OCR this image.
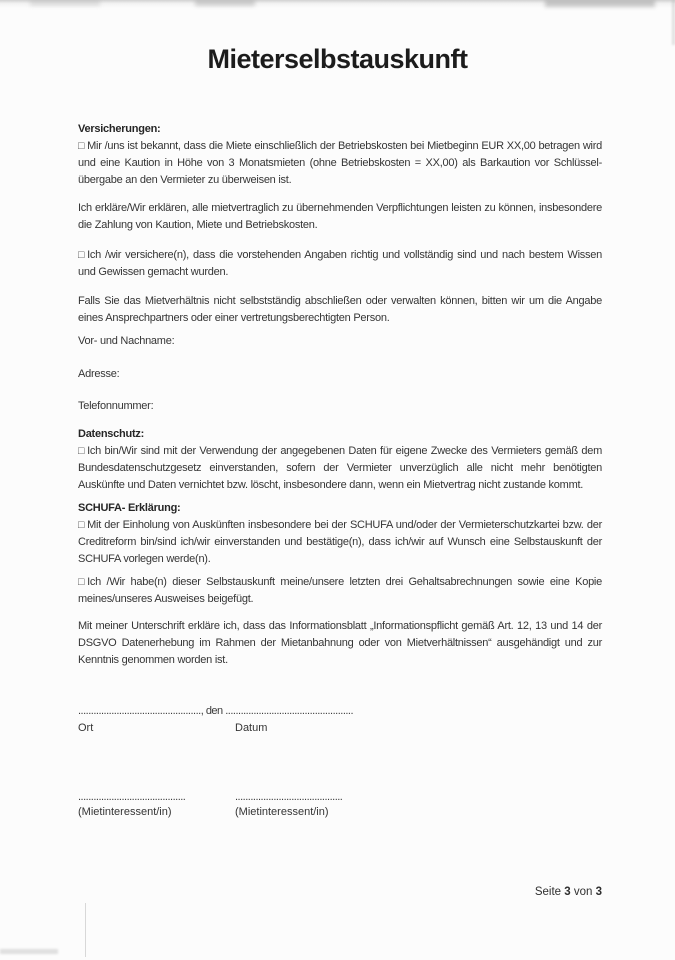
Mieterselbstauskunft
Versicherungen:

□ Mir /uns ist bekannt, dass die Miete einschließlich der Betriebskosten bei Mietbeginn EUR XX,00 betragen wird und eine Kaution in Höhe von 3 Monatsmieten (ohne Betriebskosten = XX,00) als Barkaution vor Schlüssel-übergabe an den Vermieter zu überweisen ist.

Ich erkläre/Wir erklären, alle mietvertraglich zu übernehmenden Verpflichtungen leisten zu können, insbesondere die Zahlung von Kaution, Miete und Betriebskosten.

□ Ich /wir versichere(n), dass die vorstehenden Angaben richtig und vollständig sind und nach bestem Wissen und Gewissen gemacht wurden.

Falls Sie das Mietverhältnis nicht selbstständig abschließen oder verwalten können, bitten wir um die Angabe eines Ansprechpartners oder einer vertretungsberechtigten Person.

Vor- und Nachname:
Adresse:
Telefonnummer:
Datenschutz:

□ Ich bin/Wir sind mit der Verwendung der angegebenen Daten für eigene Zwecke des Vermieters gemäß dem Bundesdatenschutzgesetz einverstanden, sofern der Vermieter unverzüglich alle nicht mehr benötigten Auskünfte und Daten vernichtet bzw. löscht, insbesondere dann, wenn ein Mietvertrag nicht zustande kommt.

SCHUFA- Erklärung:

□ Mit der Einholung von Auskünften insbesondere bei der SCHUFA und/oder der Vermieterschutzkartei bzw. der Creditreform bin/sind ich/wir einverstanden und bestätige(n), dass ich/wir auf Wunsch eine Selbstauskunft der SCHUFA vorlegen werde(n).

□ Ich /Wir habe(n) dieser Selbstauskunft meine/unsere letzten drei Gehaltsabrechnungen sowie eine Kopie meines/unseres Ausweises beigefügt.

Mit meiner Unterschrift erkläre ich, dass das Informationsblatt „Informationspflicht gemäß Art. 12, 13 und 14 der DSGVO Datenerhebung im Rahmen der Mietanbahnung oder von Mietverhältnissen“ ausgehändigt und zur Kenntnis genommen worden ist.

................................................, den ..................................................
Ort	Datum
..........................................	..........................................
(Mietinteressent/in)	(Mietinteressent/in)
Seite 3 von 3
